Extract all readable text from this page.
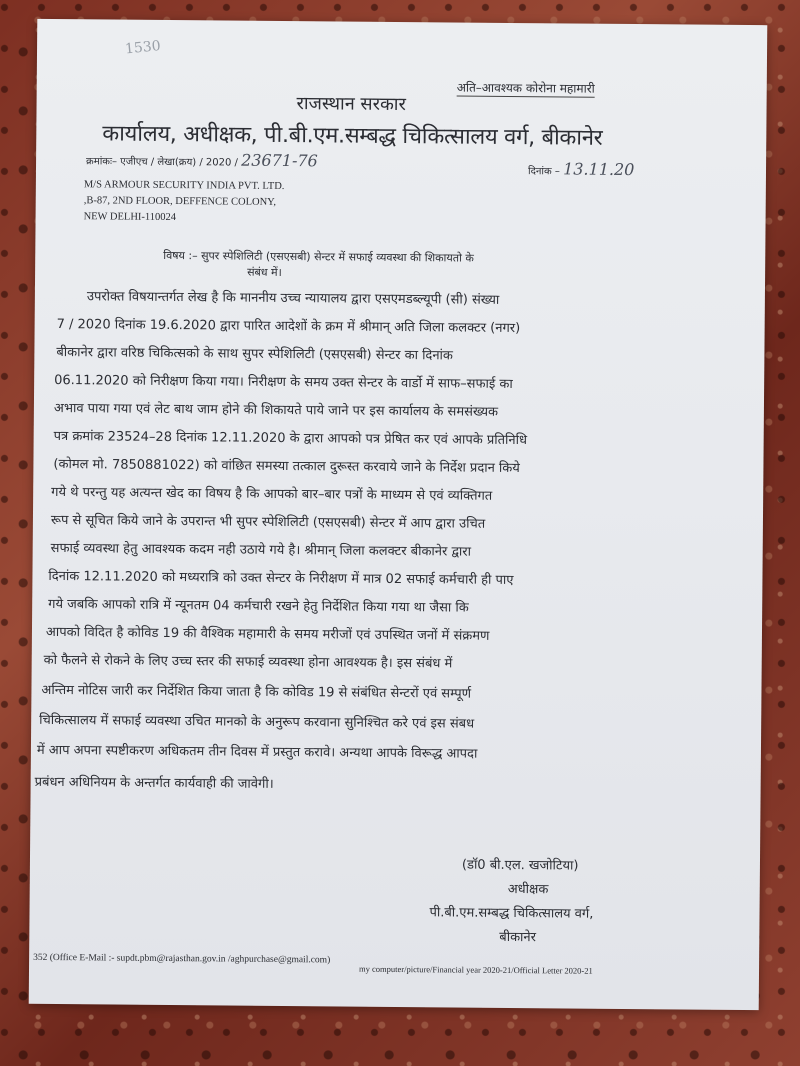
1530
अति–आवश्यक कोरोना महामारी
राजस्थान सरकार
कार्यालय, अधीक्षक, पी.बी.एम.सम्बद्ध चिकित्सालय वर्ग, बीकानेर
क्रमांकः– एजीएच / लेखा(क्रय) / 2020 / 23671-76
दिनांक – 13.11.20
M/S ARMOUR SECURITY INDIA PVT. LTD.
,B-87, 2ND FLOOR, DEFFENCE COLONY,
NEW DELHI-110024
विषय :– सुपर स्पेशिलिटी (एसएसबी) सेन्टर में सफाई व्यवस्था की शिकायतो के
संबंध में।
उपरोक्त विषयान्तर्गत लेख है कि माननीय उच्च न्यायालय द्वारा एसएमडब्ल्यूपी (सी) संख्या
7 / 2020 दिनांक 19.6.2020 द्वारा पारित आदेशों के क्रम में श्रीमान् अति जिला कलक्टर (नगर)
बीकानेर द्वारा वरिष्ठ चिकित्सको के साथ सुपर स्पेशिलिटी (एसएसबी) सेन्टर का दिनांक
06.11.2020 को निरीक्षण किया गया। निरीक्षण के समय उक्त सेन्टर के वार्डो में साफ–सफाई का
अभाव पाया गया एवं लेट बाथ जाम होने की शिकायते पाये जाने पर इस कार्यालय के समसंख्यक
पत्र क्रमांक 23524–28 दिनांक 12.11.2020 के द्वारा आपको पत्र प्रेषित कर एवं आपके प्रतिनिधि
(कोमल मो. 7850881022) को वांछित समस्या तत्काल दुरूस्त करवाये जाने के निर्देश प्रदान किये
गये थे परन्तु यह अत्यन्त खेद का विषय है कि आपको बार–बार पत्रों के माध्यम से एवं व्यक्तिगत
रूप से सूचित किये जाने के उपरान्त भी सुपर स्पेशिलिटी (एसएसबी) सेन्टर में आप द्वारा उचित
सफाई व्यवस्था हेतु आवश्यक कदम नही उठाये गये है। श्रीमान् जिला कलक्टर बीकानेर द्वारा
दिनांक 12.11.2020 को मध्यरात्रि को उक्त सेन्टर के निरीक्षण में मात्र 02 सफाई कर्मचारी ही पाए
गये जबकि आपको रात्रि में न्यूनतम 04 कर्मचारी रखने हेतु निर्देशित किया गया था जैसा कि
आपको विदित है कोविड 19 की वैश्विक महामारी के समय मरीजों एवं उपस्थित जनों में संक्रमण
को फैलने से रोकने के लिए उच्च स्तर की सफाई व्यवस्था होना आवश्यक है। इस संबंध में
अन्तिम नोटिस जारी कर निर्देशित किया जाता है कि कोविड 19 से संबंधित सेन्टरों एवं सम्पूर्ण
चिकित्सालय में सफाई व्यवस्था उचित मानको के अनुरूप करवाना सुनिश्चित करे एवं इस संबध
में आप अपना स्पष्टीकरण अधिकतम तीन दिवस में प्रस्तुत करावे। अन्यथा आपके विरूद्ध आपदा
प्रबंधन अधिनियम के अन्तर्गत कार्यवाही की जावेगी।
(डॉ0 बी.एल. खजोटिया)
अधीक्षक
पी.बी.एम.सम्बद्ध चिकित्सालय वर्ग,
बीकानेर
352 (Office E-Mail :- supdt.pbm@rajasthan.gov.in /aghpurchase@gmail.com)
my computer/picture/Financial year 2020-21/Official Letter 2020-21
